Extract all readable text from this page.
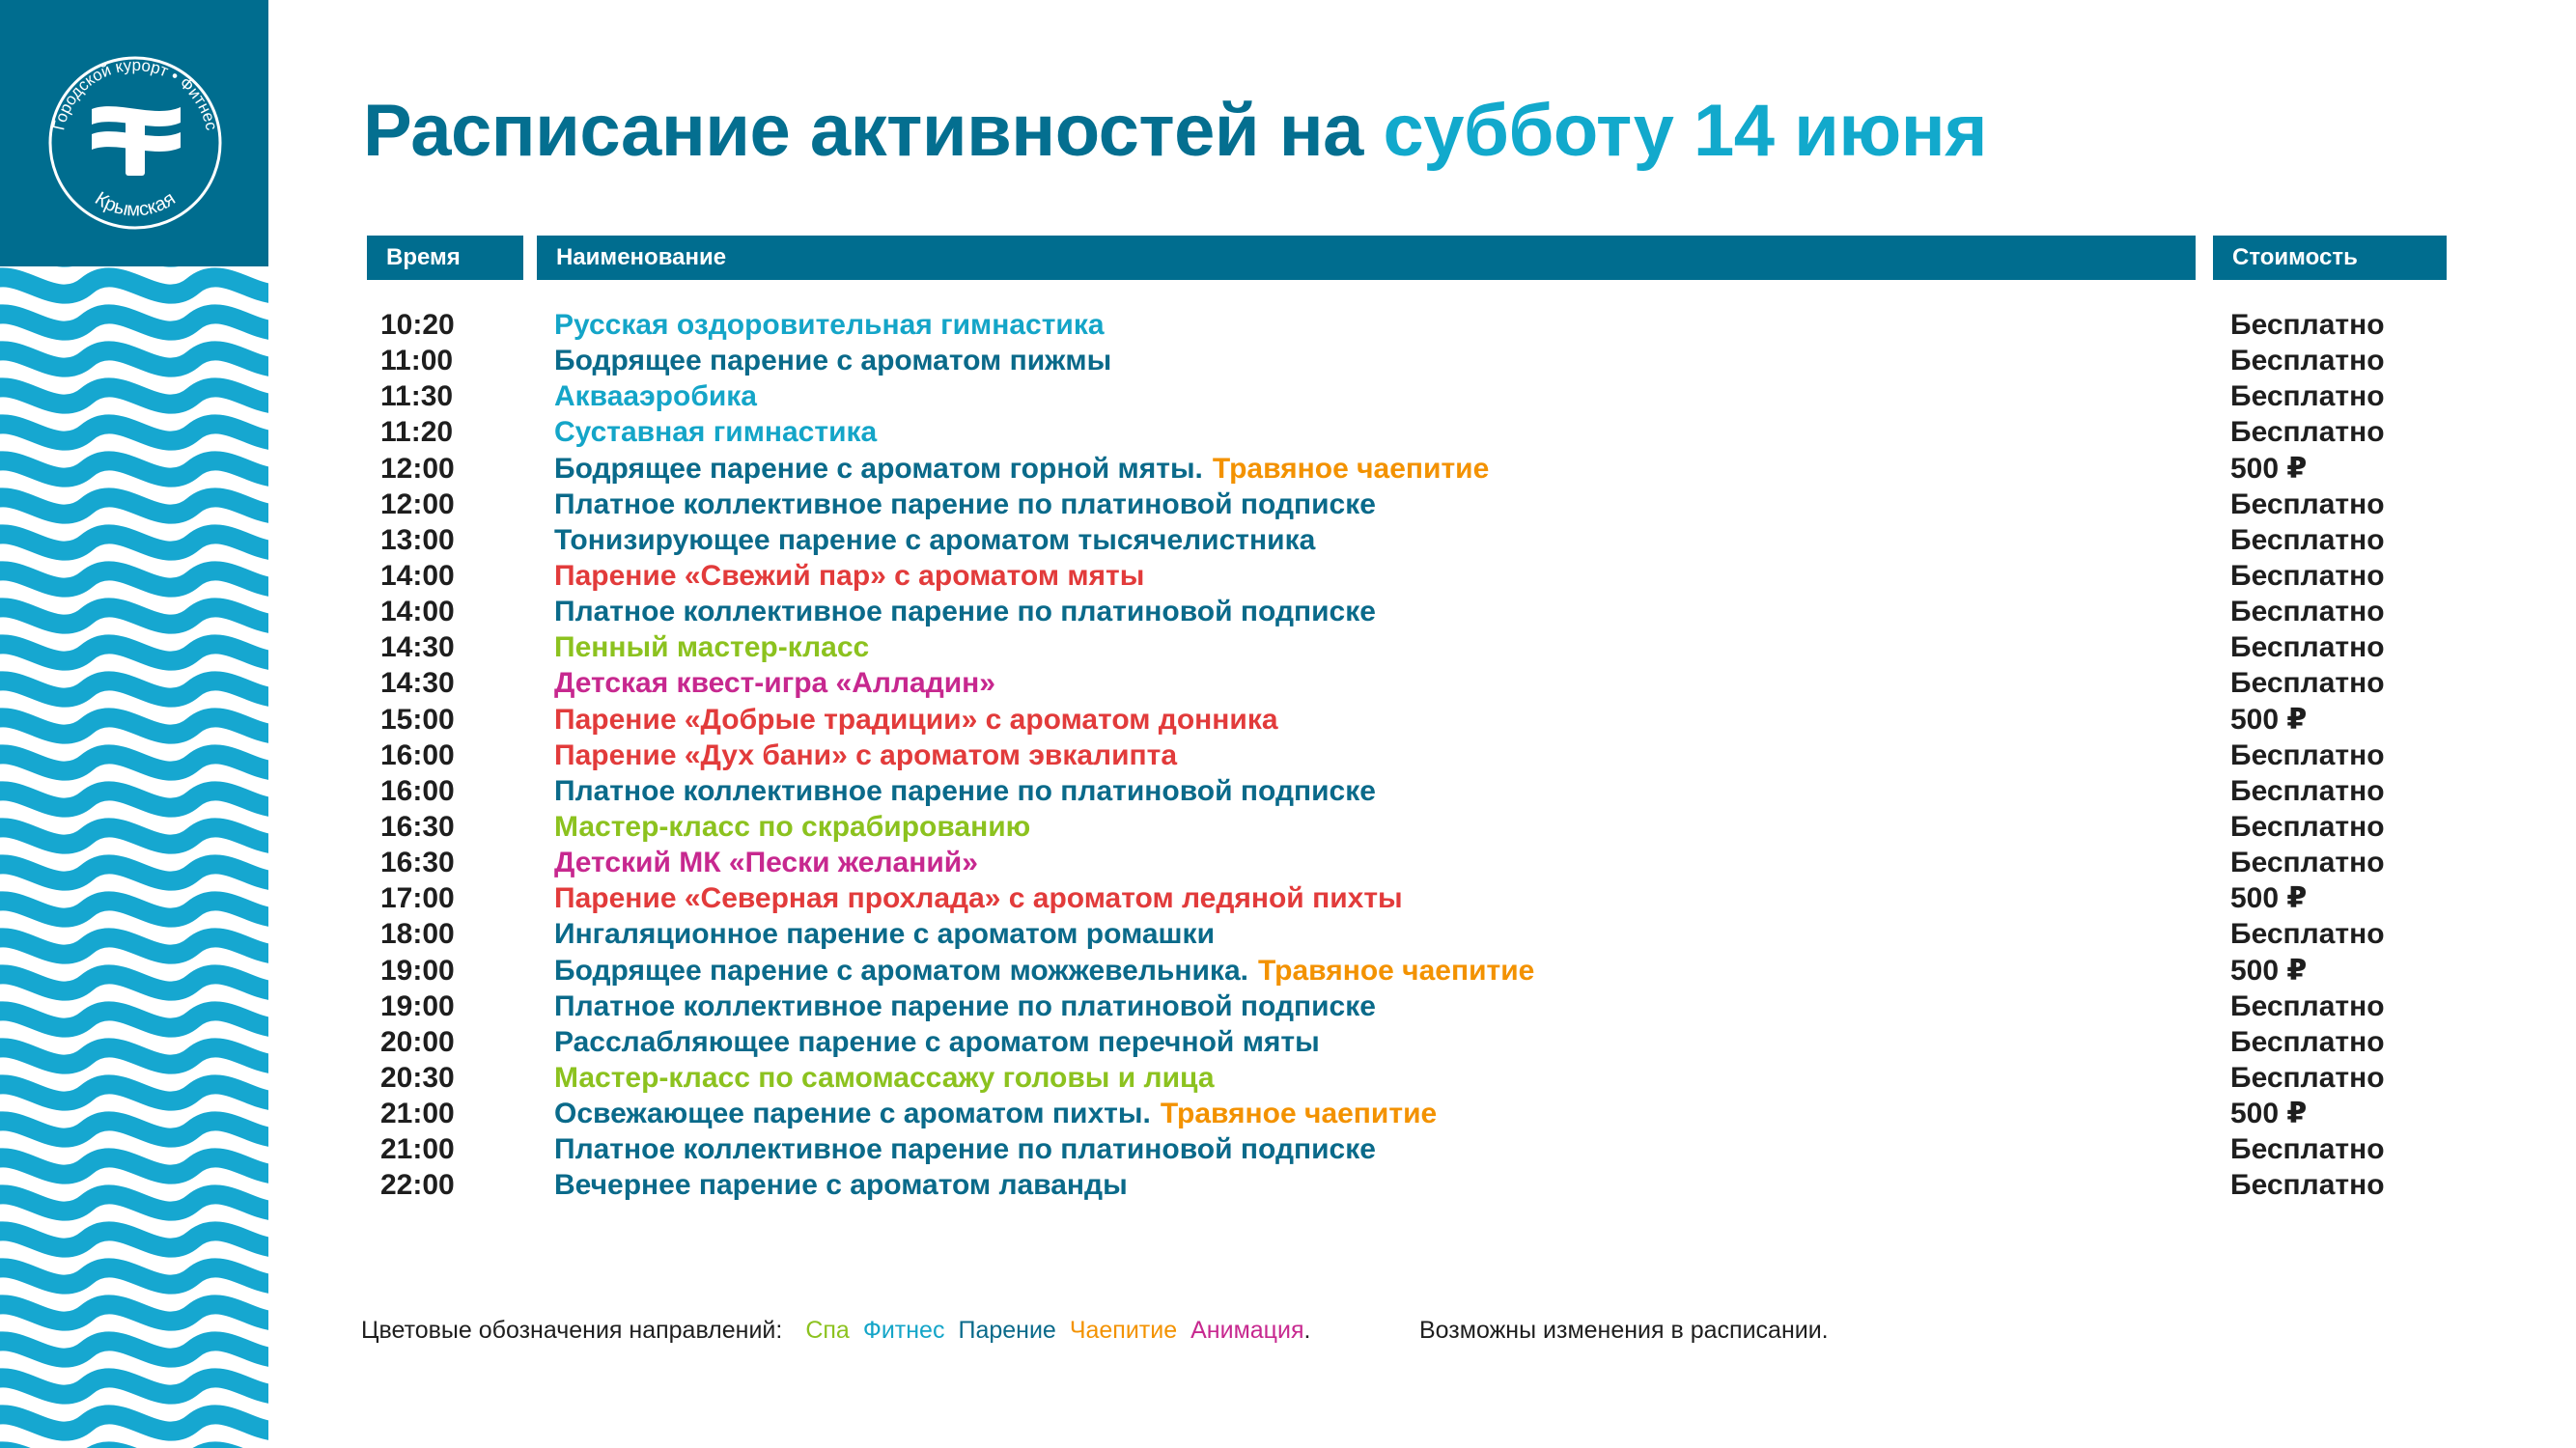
Городской курорт • Фитнес
Крымская
Расписание активностей на субботу 14 июня
Время	Наименование	Стоимость
10:20	Русская оздоровительная гимнастика	Бесплатно
11:00	Бодрящее парение с ароматом пижмы	Бесплатно
11:30	Аквааэробика	Бесплатно
11:20	Суставная гимнастика	Бесплатно
12:00	Бодрящее парение с ароматом горной мяты. Травяное чаепитие	500 ₽
12:00	Платное коллективное парение по платиновой подписке	Бесплатно
13:00	Тонизирующее парение с ароматом тысячелистника	Бесплатно
14:00	Парение «Свежий пар» с ароматом мяты	Бесплатно
14:00	Платное коллективное парение по платиновой подписке	Бесплатно
14:30	Пенный мастер-класс	Бесплатно
14:30	Детская квест-игра «Алладин»	Бесплатно
15:00	Парение «Добрые традиции» с ароматом донника	500 ₽
16:00	Парение «Дух бани» с ароматом эвкалипта	Бесплатно
16:00	Платное коллективное парение по платиновой подписке	Бесплатно
16:30	Мастер-класс по скрабированию	Бесплатно
16:30	Детский МК «Пески желаний»	Бесплатно
17:00	Парение «Северная прохлада» с ароматом ледяной пихты	500 ₽
18:00	Ингаляционное парение с ароматом ромашки	Бесплатно
19:00	Бодрящее парение с ароматом можжевельника. Травяное чаепитие	500 ₽
19:00	Платное коллективное парение по платиновой подписке	Бесплатно
20:00	Расслабляющее парение с ароматом перечной мяты	Бесплатно
20:30	Мастер-класс по самомассажу головы и лица	Бесплатно
21:00	Освежающее парение с ароматом пихты. Травяное чаепитие	500 ₽
21:00	Платное коллективное парение по платиновой подписке	Бесплатно
22:00	Вечернее парение с ароматом лаванды	Бесплатно
Цветовые обозначения направлений: Спа Фитнес Парение Чаепитие Анимация.	Возможны изменения в расписании.
